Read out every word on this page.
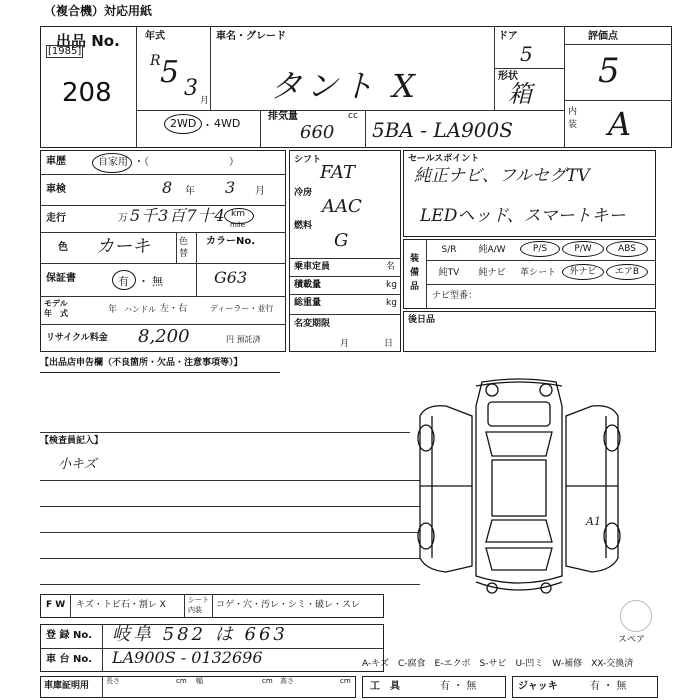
（複合機）対応用紙
出品 No.
[1985]
208
年式
R 5 3 月
車名・グレード
タント X
ドア
5
形状
箱
評価点
5
内装 A
2WD ・ 4WD
排気量	cc
660 5BA - LA900S
車歴	自家用 ・（　　　　　　　　）
車検	8 年 3 月
走行	万 5千3百7十4 km
mile
色 カーキ	色替
カラーNo.
G63
保証書	有 ・ 無
モデル
年　式	年 ハンドル 左・右	ディーラー・並行
リサイクル料金 8,200	円 預託済
シフト
FAT
冷房
AAC
燃料
G
乗車定員	名
積載量	kg
総重量	kg
名変期限
月	日
セールスポイント
純正ナビ、フルセグTV
LEDヘッド、スマートキー
装備品
S/R	純A/W	P/S	P/W	ABS
純TV	純ナビ	革シート	外ナビ	エアB
ナビ型番：
後日品
【出品店申告欄（不良箇所・欠品・注意事項等）】
【検査員記入】
小キズ
A1
スペア
F W キズ・トビ石・割レ X	シート
内装 コゲ・穴・汚レ・シミ・破レ・スレ
登 録 No. 岐阜 582 は 663
車 台 No. LA900S - 0132696	A-キズ　C-腐食　E-エクボ　S-サビ　U-凹ミ　W-補修　XX-交換済
車庫証明用 長さ	cm 幅	cm 高さ	cm 工　具	有 ・ 無	ジャッキ	有 ・ 無
